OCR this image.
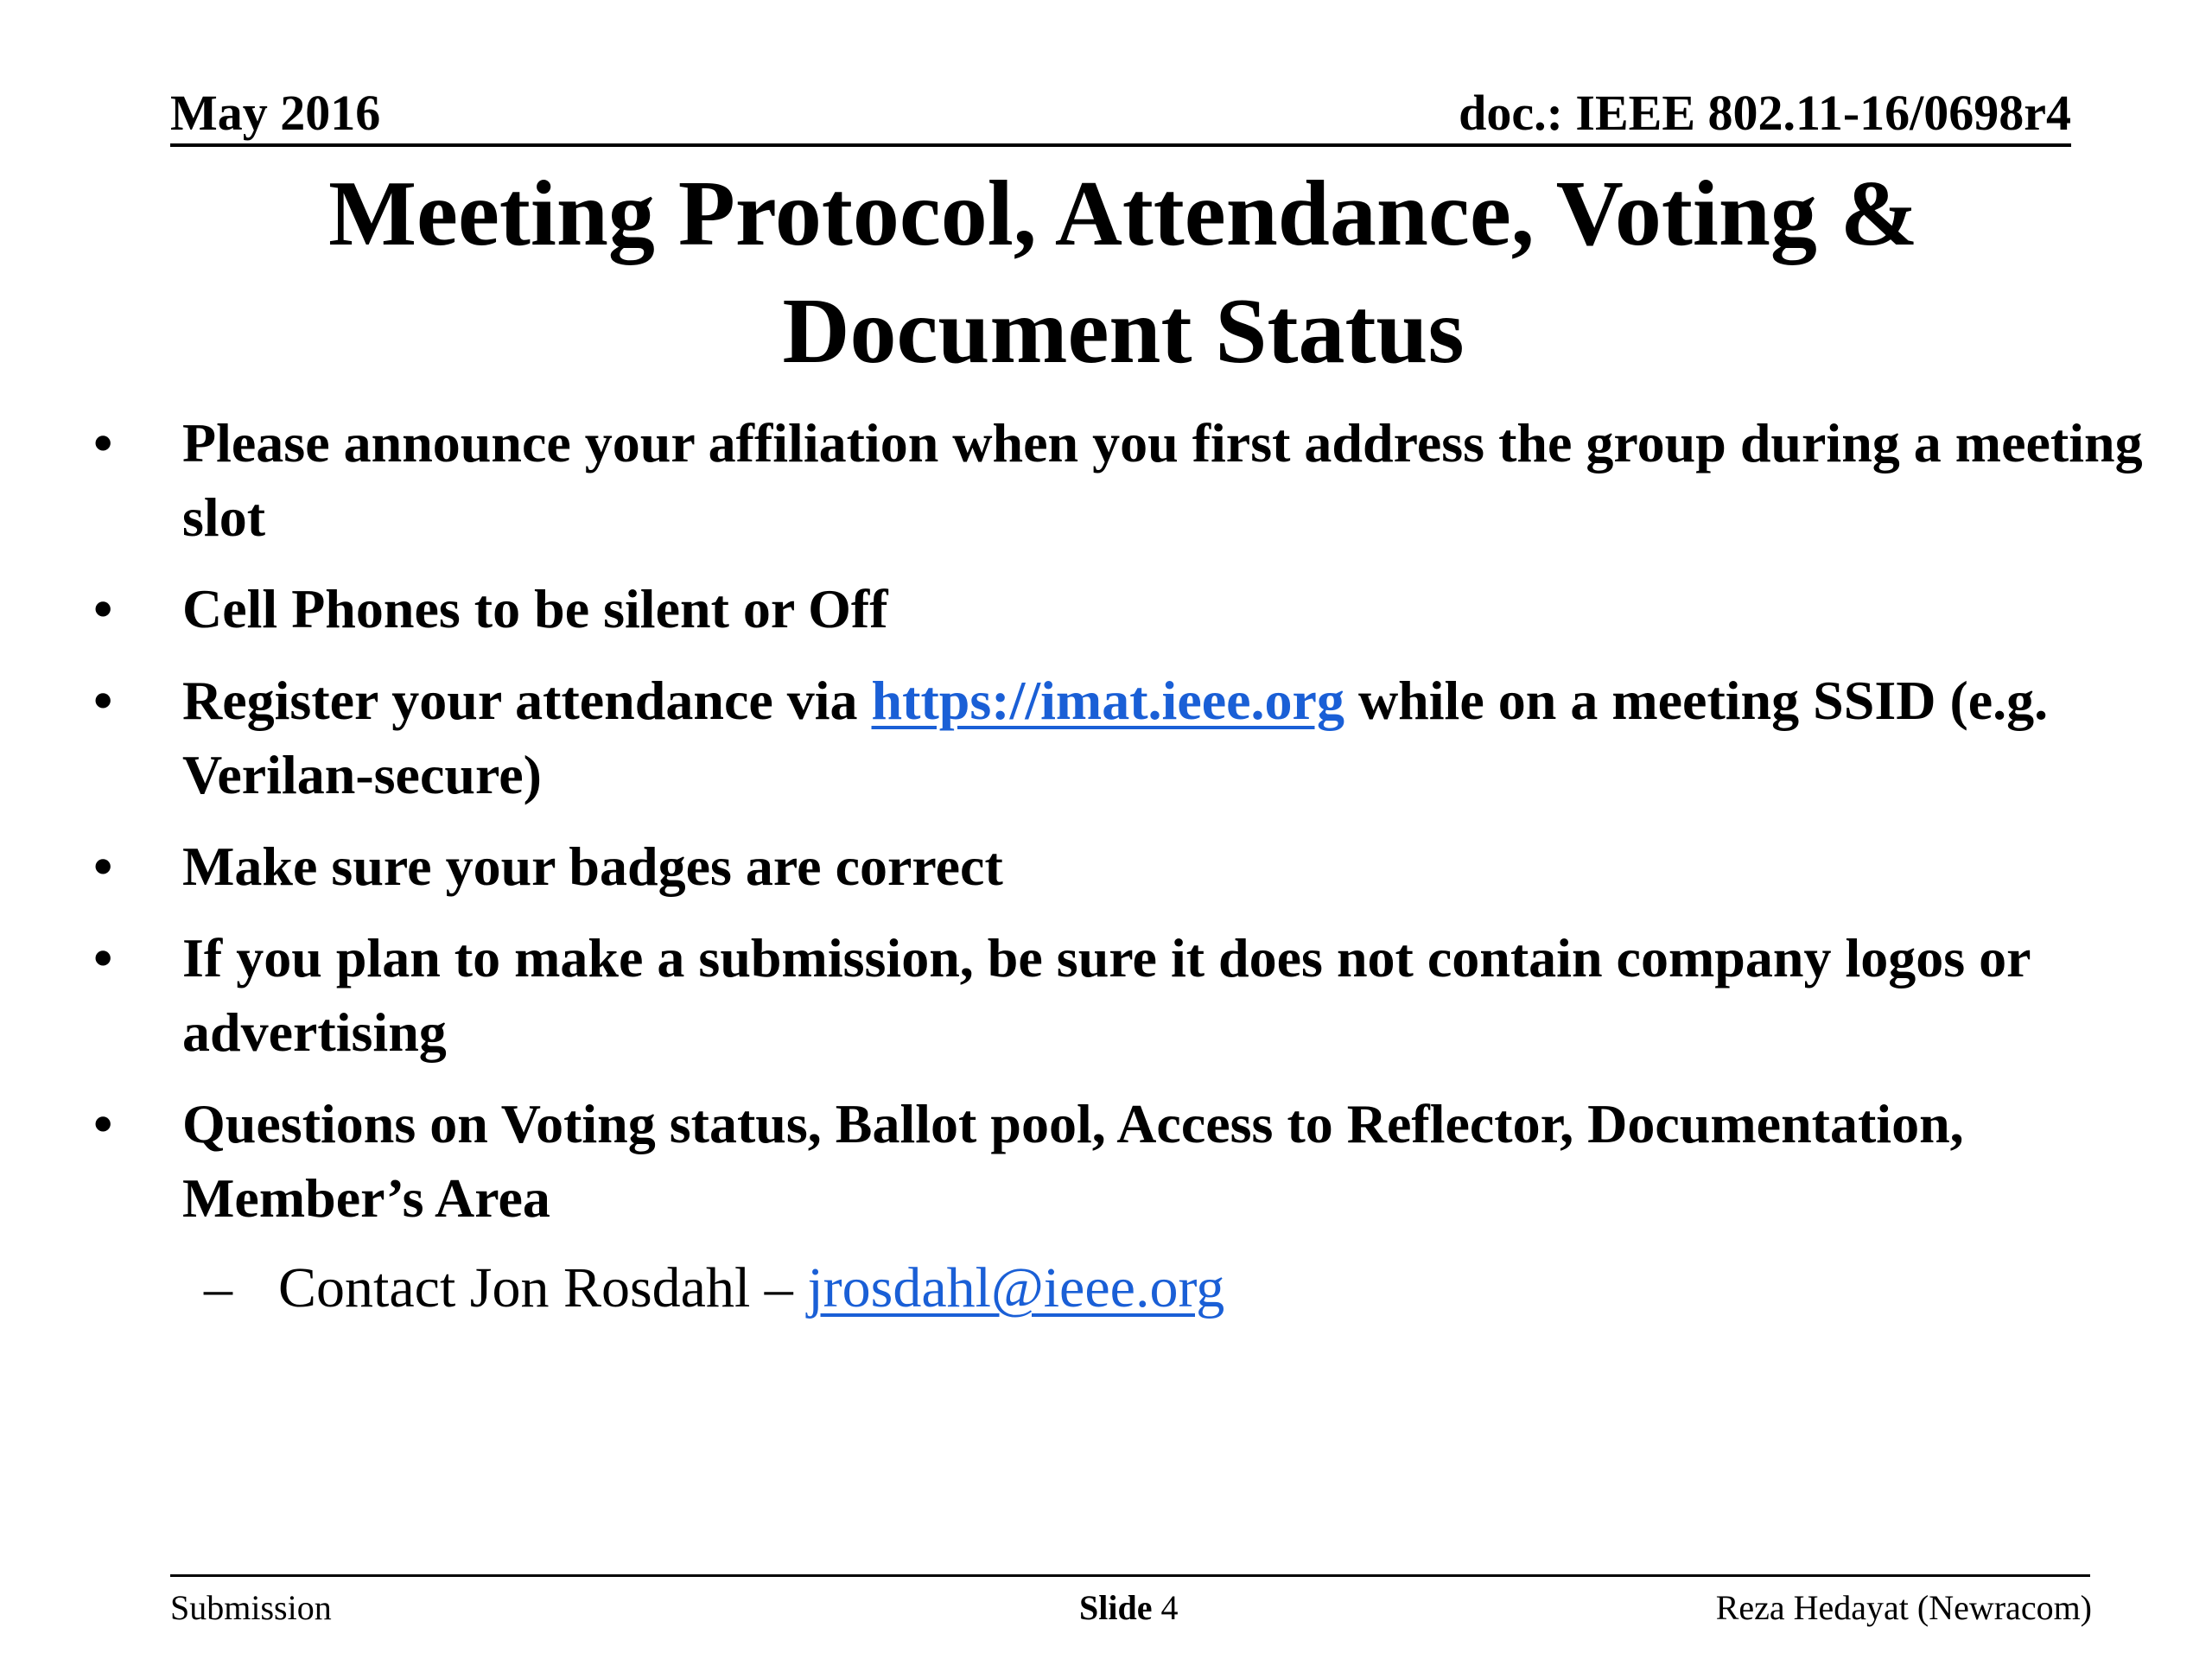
May 2016	doc.: IEEE 802.11-16/0698r4
Meeting Protocol, Attendance, Voting &
Document Status
• Please announce your affiliation when you first address the group during a meeting slot
• Cell Phones to be silent or Off
• Register your attendance via https://imat.ieee.org while on a meeting SSID (e.g. Verilan-secure)
• Make sure your badges are correct
• If you plan to make a submission, be sure it does not contain company logos or advertising
• Questions on Voting status, Ballot pool, Access to Reflector, Documentation, Member’s Area
– Contact Jon Rosdahl – jrosdahl@ieee.org
Submission	Slide 4	Reza Hedayat (Newracom)
